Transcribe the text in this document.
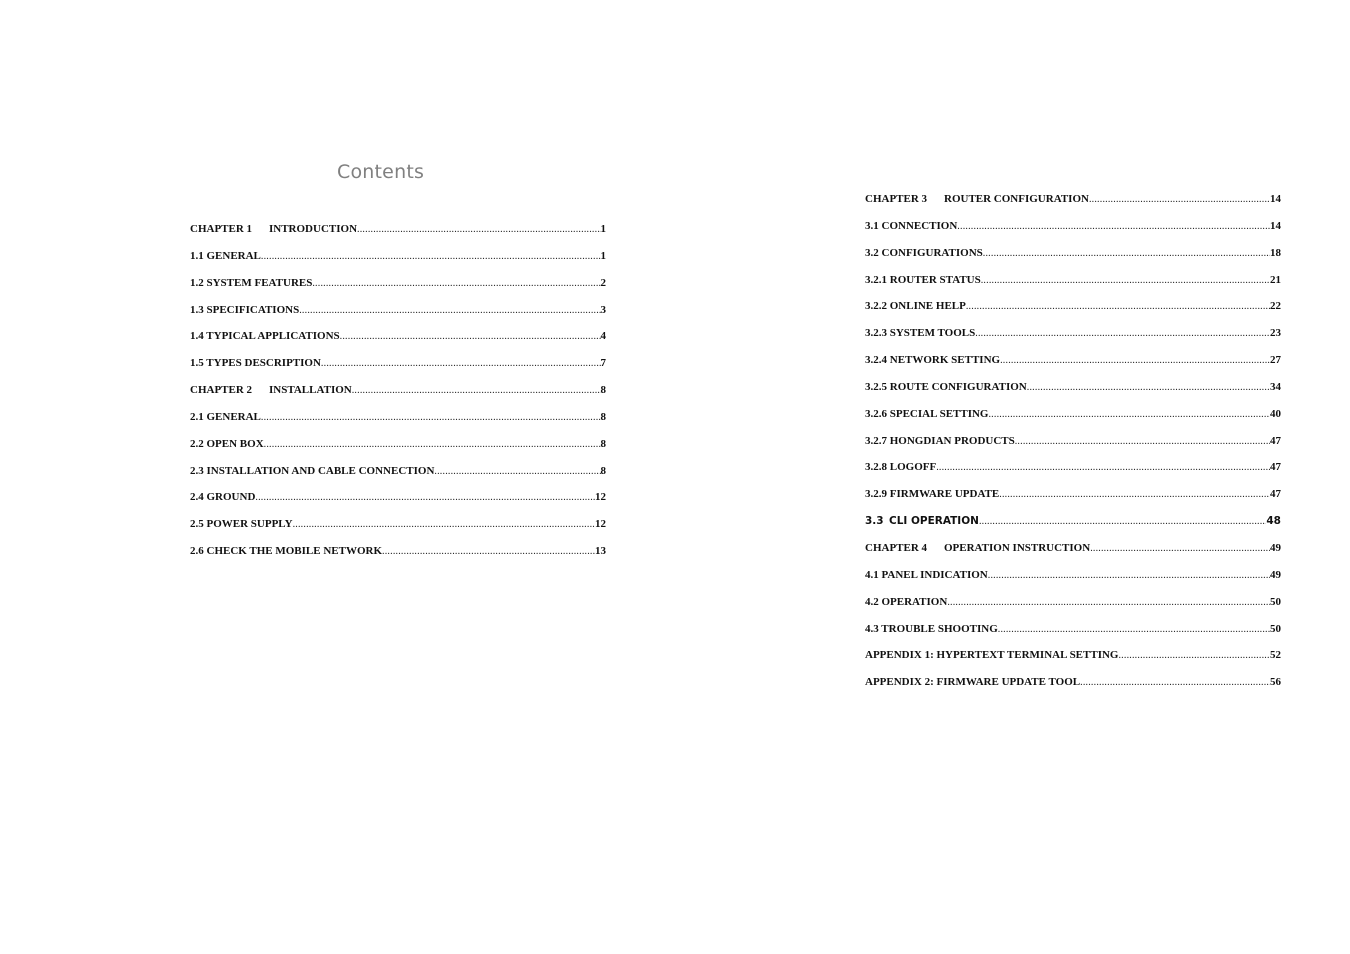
Contents
CHAPTER 1 INTRODUCTION .....	1
1.1 GENERAL .....	1
1.2 SYSTEM FEATURES .....	2
1.3 SPECIFICATIONS .....	3
1.4 TYPICAL APPLICATIONS .....	4
1.5 TYPES DESCRIPTION .....	7
CHAPTER 2 INSTALLATION .....	8
2.1 GENERAL .....	8
2.2 OPEN BOX .....	8
2.3 INSTALLATION AND CABLE CONNECTION .....	8
2.4 GROUND .....	12
2.5 POWER SUPPLY .....	12
2.6 CHECK THE MOBILE NETWORK .....	13
CHAPTER 3 ROUTER CONFIGURATION .....	14
3.1 CONNECTION .....	14
3.2 CONFIGURATIONS .....	18
3.2.1 ROUTER STATUS .....	21
3.2.2 ONLINE HELP .....	22
3.2.3 SYSTEM TOOLS .....	23
3.2.4 NETWORK SETTING .....	27
3.2.5 ROUTE CONFIGURATION .....	34
3.2.6 SPECIAL SETTING .....	40
3.2.7 HONGDIAN PRODUCTS .....	47
3.2.8 LOGOFF .....	47
3.2.9 FIRMWARE UPDATE .....	47
3.3 CLI OPERATION .....	48
CHAPTER 4 OPERATION INSTRUCTION .....	49
4.1 PANEL INDICATION .....	49
4.2 OPERATION .....	50
4.3 TROUBLE SHOOTING .....	50
APPENDIX 1: HYPERTEXT TERMINAL SETTING .....	52
APPENDIX 2: FIRMWARE UPDATE TOOL .....	56
